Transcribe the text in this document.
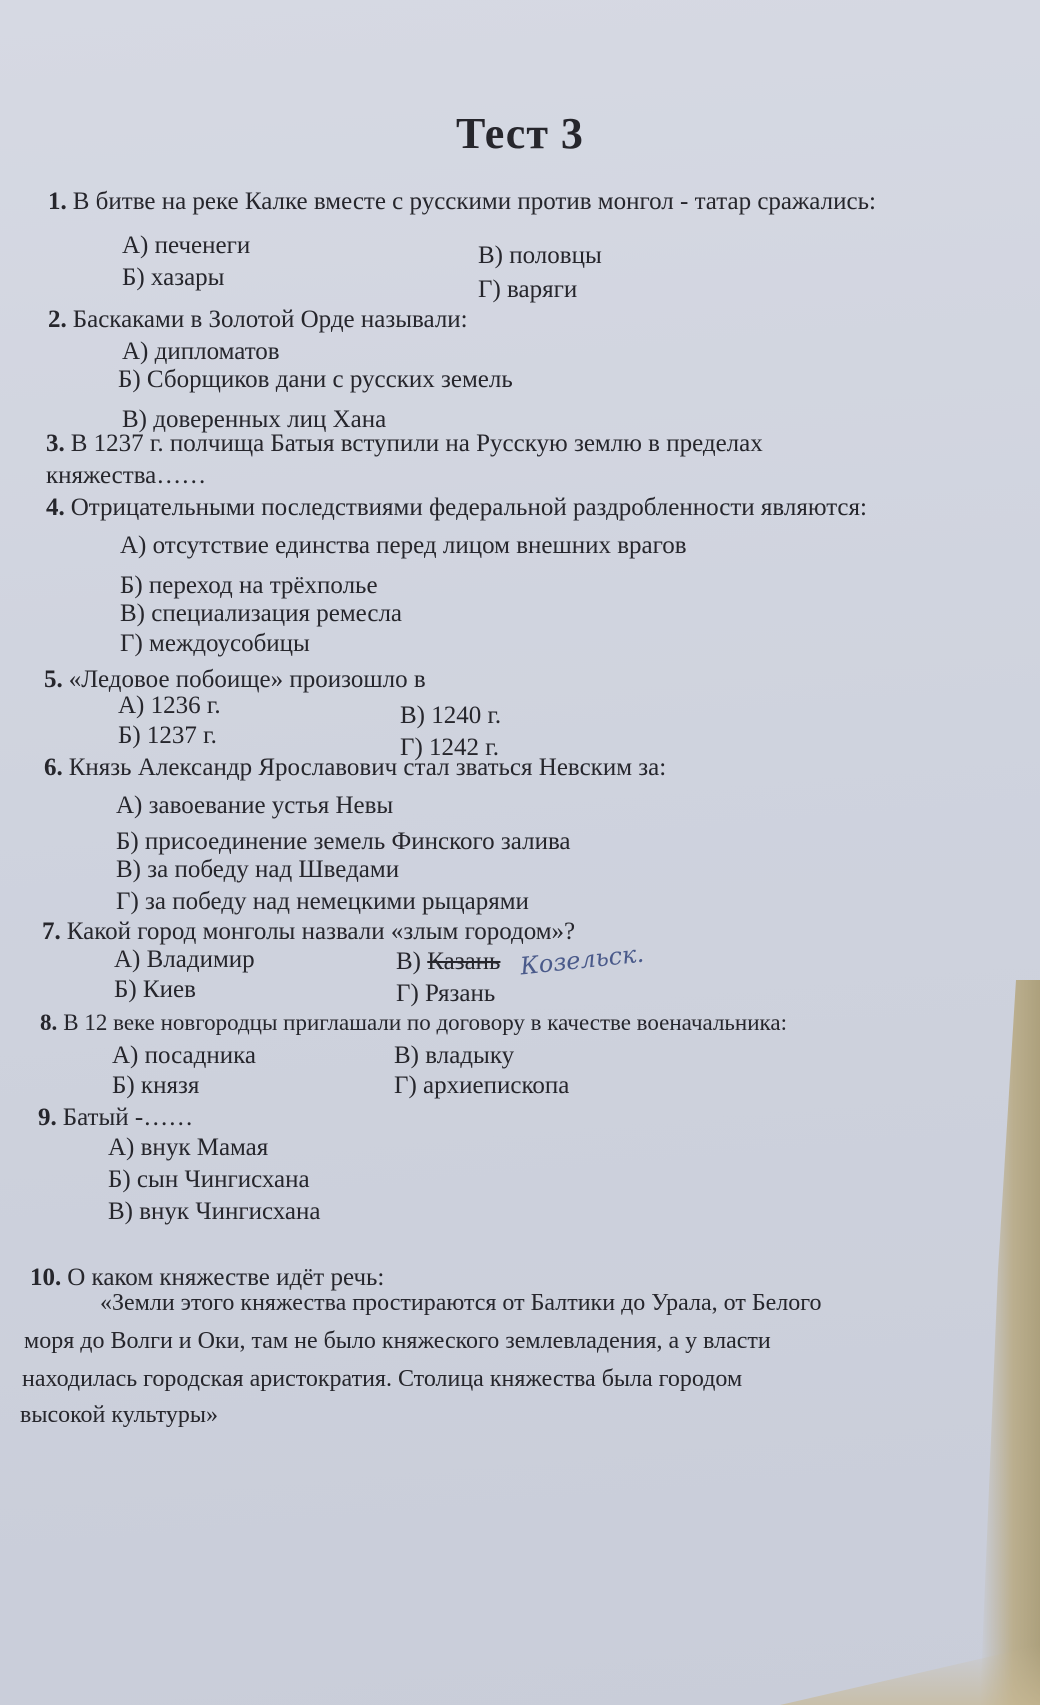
Тест 3
1. В битве на реке Калке вместе с русскими против монгол - татар сражались:
А) печенеги	В) половцы
Б) хазары	Г) варяги
2. Баскаками в Золотой Орде называли:
А) дипломатов
Б) Сборщиков дани с русских земель
В) доверенных лиц Хана
3. В 1237 г. полчища Батыя вступили на Русскую землю в пределах
княжества……
4. Отрицательными последствиями федеральной раздробленности являются:
А) отсутствие единства перед лицом внешних врагов
Б) переход на трёхполье
В) специализация ремесла
Г) междоусобицы
5. «Ледовое побоище» произошло в
А) 1236 г.	В) 1240 г.
Б) 1237 г.	Г) 1242 г.
6. Князь Александр Ярославович стал зваться Невским за:
А) завоевание устья Невы
Б) присоединение земель Финского залива
В) за победу над Шведами
Г) за победу над немецкими рыцарями
7. Какой город монголы назвали «злым городом»?
А) Владимир	В) Казань Козельск.
Б) Киев	Г) Рязань
8. В 12 веке новгородцы приглашали по договору в качестве военачальника:
А) посадника	В) владыку
Б) князя	Г) архиепископа
9. Батый -……
А) внук Мамая
Б) сын Чингисхана
В) внук Чингисхана
10. О каком княжестве идёт речь:
«Земли этого княжества простираются от Балтики до Урала, от Белого
моря до Волги и Оки, там не было княжеского землевладения, а у власти
находилась городская аристократия. Столица княжества была городом
высокой культуры»
